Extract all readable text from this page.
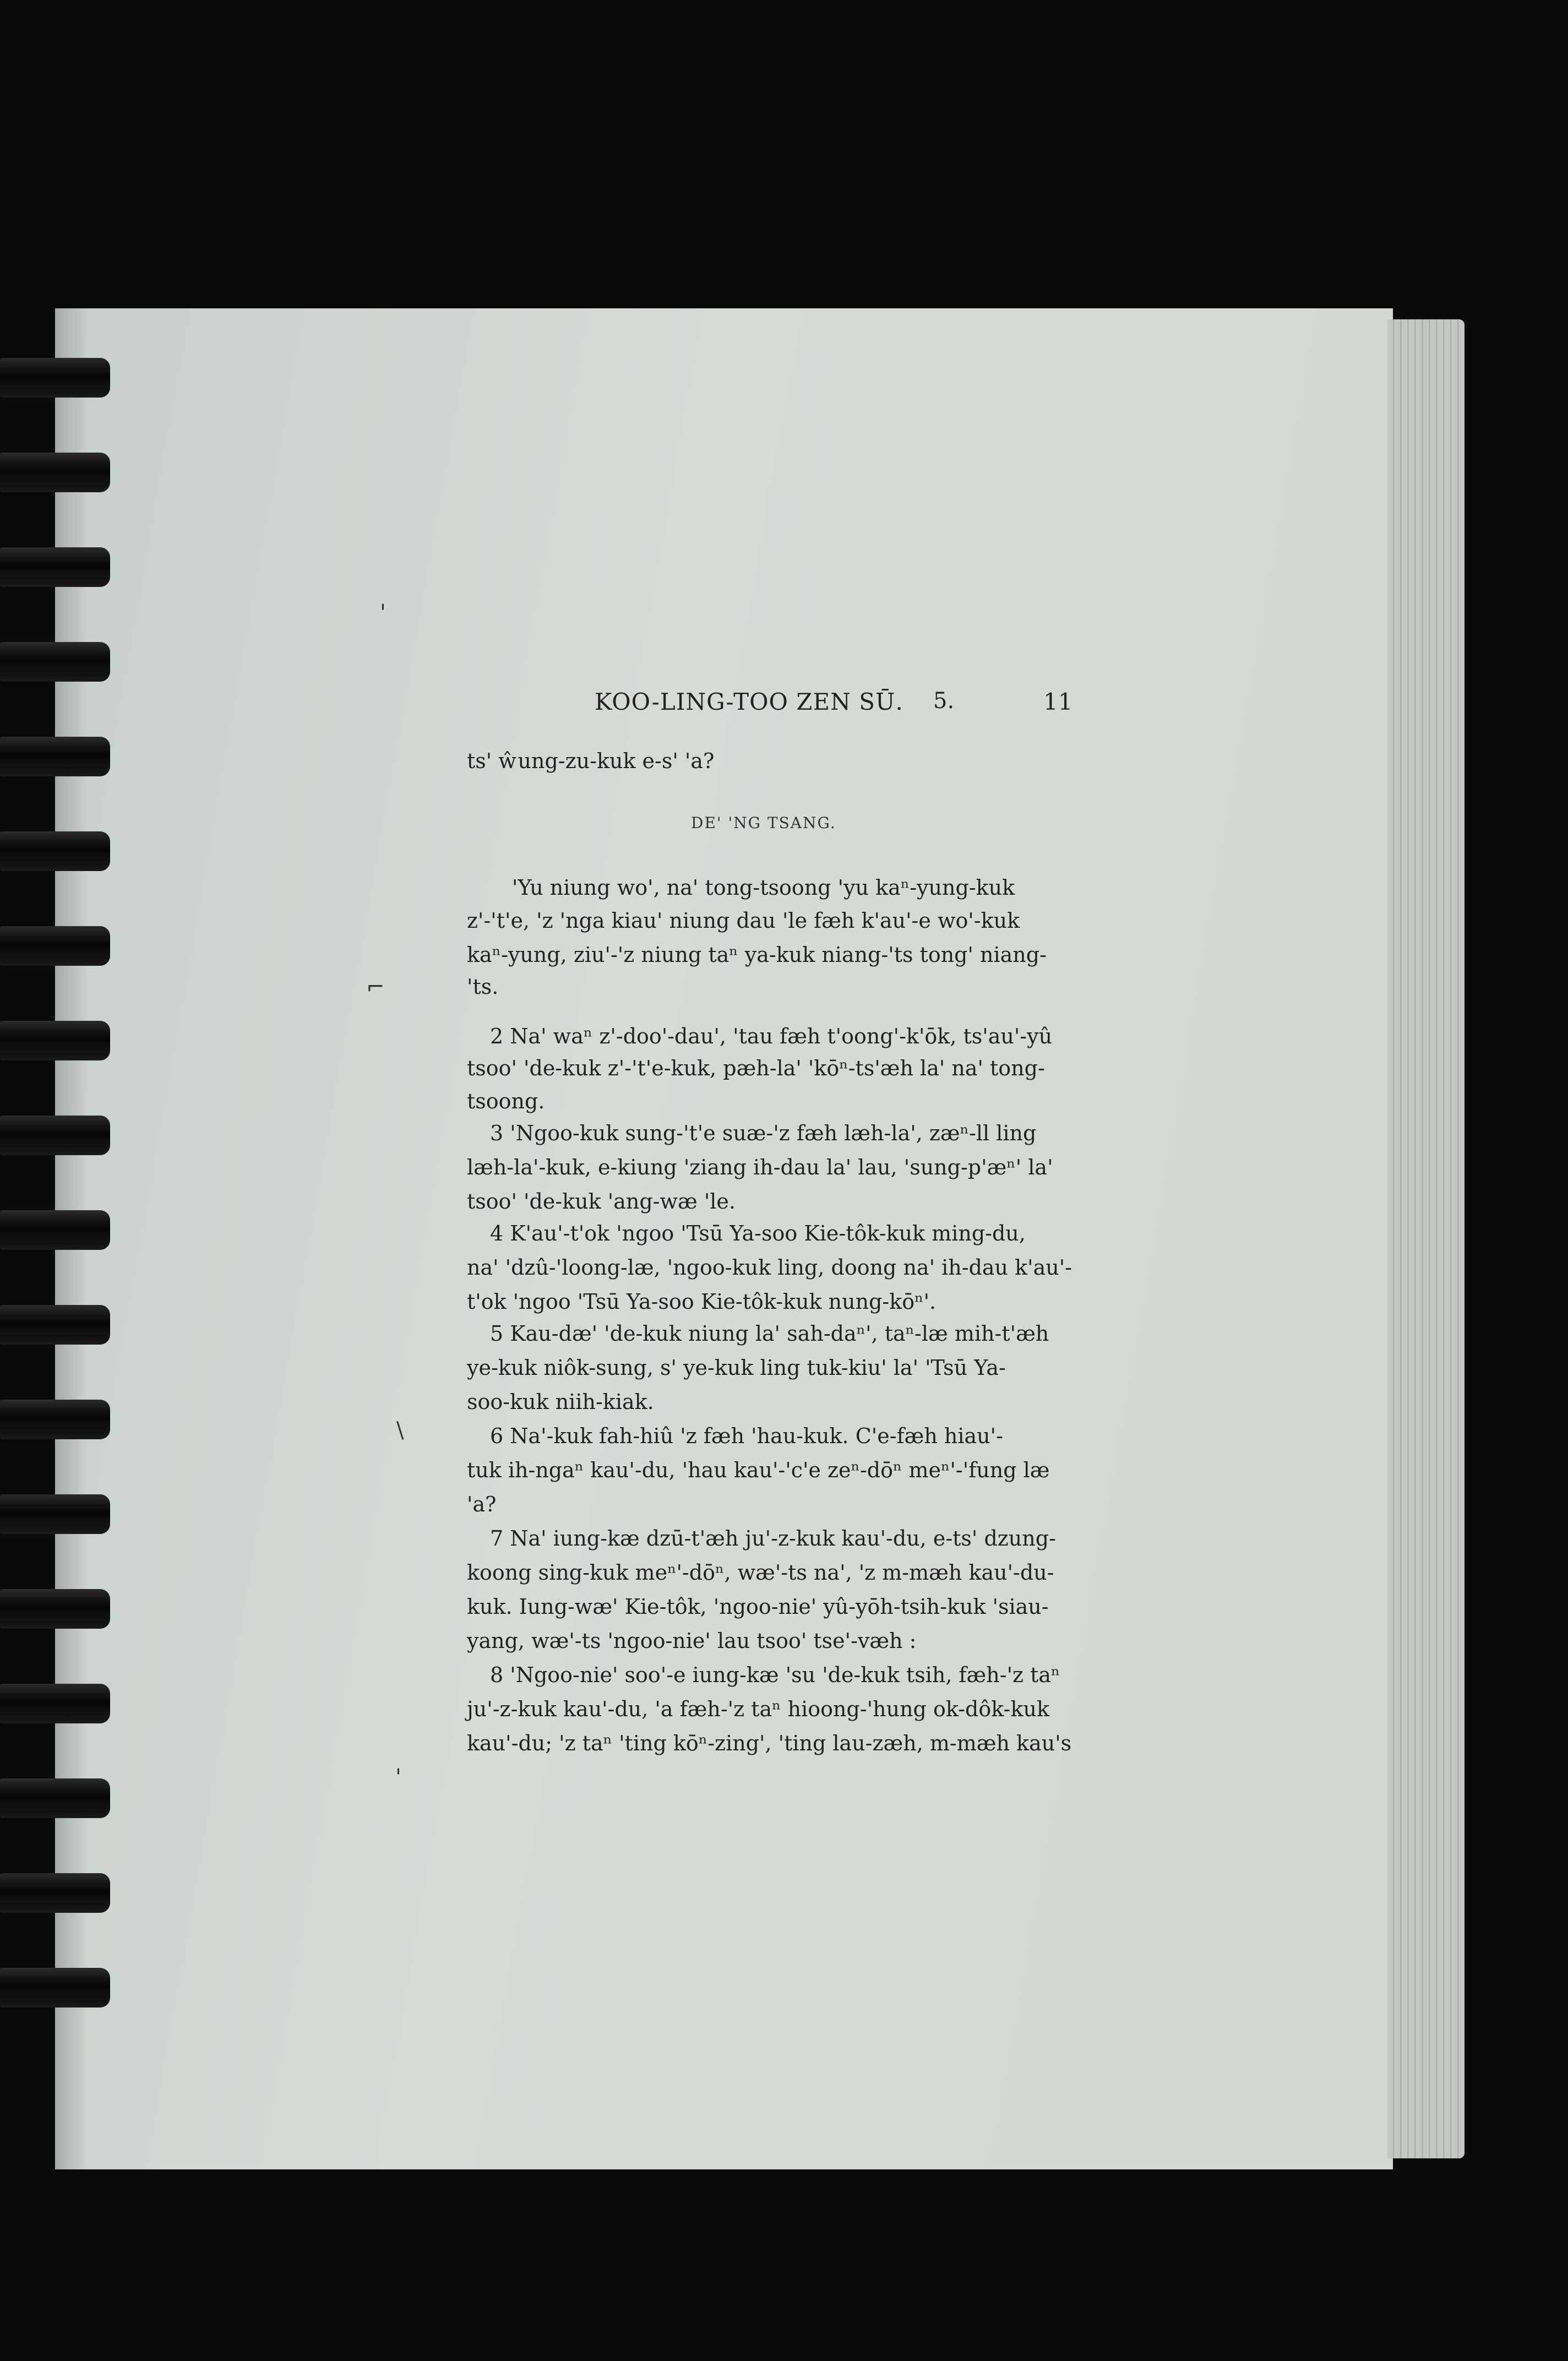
KOO-LING-TOO ZEN SŪ. 5.	11
DE' 'NG TSANG.
ts' ŵung-zu-kuk e-s' 'a?
'Yu niung wo', na' tong-tsoong 'yu kaⁿ-yung-kuk
z'-'t'e, 'z 'nga kiau' niung dau 'le fæh k'au'-e wo'-kuk
kaⁿ-yung, ziu'-'z niung taⁿ ya-kuk niang-'ts tong' niang-
'ts.
2 Na' waⁿ z'-doo'-dau', 'tau fæh t'oong'-k'ōk, ts'au'-yû
tsoo' 'de-kuk z'-'t'e-kuk, pæh-la' 'kōⁿ-ts'æh la' na' tong-
tsoong.
3 'Ngoo-kuk sung-'t'e suæ-'z fæh læh-la', zæⁿ-ll ling
læh-la'-kuk, e-kiung 'ziang ih-dau la' lau, 'sung-p'æⁿ' la'
tsoo' 'de-kuk 'ang-wæ 'le.
4 K'au'-t'ok 'ngoo 'Tsū Ya-soo Kie-tôk-kuk ming-du,
na' 'dzû-'loong-læ, 'ngoo-kuk ling, doong na' ih-dau k'au'-
t'ok 'ngoo 'Tsū Ya-soo Kie-tôk-kuk nung-kōⁿ'.
5 Kau-dæ' 'de-kuk niung la' sah-daⁿ', taⁿ-læ mih-t'æh
ye-kuk niôk-sung, s' ye-kuk ling tuk-kiu' la' 'Tsū Ya-
soo-kuk niih-kiak.
6 Na'-kuk fah-hiû 'z fæh 'hau-kuk. C'e-fæh hiau'-
tuk ih-ngaⁿ kau'-du, 'hau kau'-'c'e zeⁿ-dōⁿ meⁿ'-'fung læ
'a?
7 Na' iung-kæ dzū-t'æh ju'-z-kuk kau'-du, e-ts' dzung-
koong sing-kuk meⁿ'-dōⁿ, wæ'-ts na', 'z m-mæh kau'-du-
kuk. Iung-wæ' Kie-tôk, 'ngoo-nie' yû-yōh-tsih-kuk 'siau-
yang, wæ'-ts 'ngoo-nie' lau tsoo' tse'-væh :
8 'Ngoo-nie' soo'-e iung-kæ 'su 'de-kuk tsih, fæh-'z taⁿ
ju'-z-kuk kau'-du, 'a fæh-'z taⁿ hioong-'hung ok-dôk-kuk
kau'-du; 'z taⁿ 'ting kōⁿ-zing', 'ting lau-zæh, m-mæh kau's
'
⌐
\
'
